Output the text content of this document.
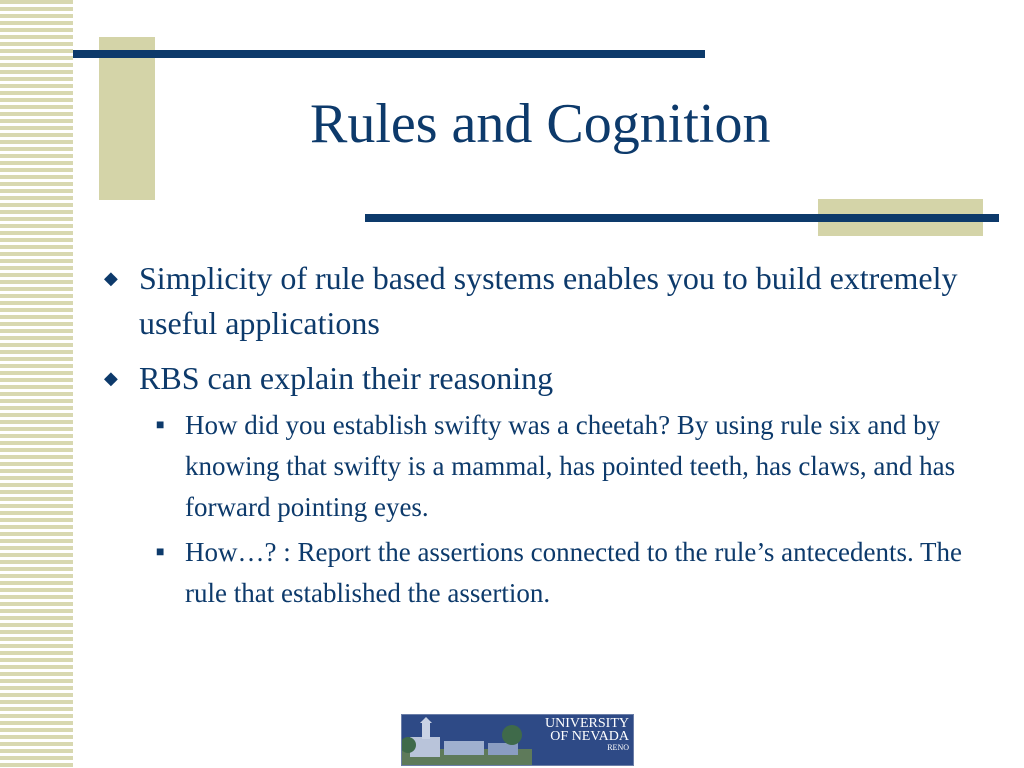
Rules and Cognition
◆ Simplicity of rule based systems enables you to build extremely useful applications
◆ RBS can explain their reasoning
■ How did you establish swifty was a cheetah? By using rule six and by knowing that swifty is a mammal, has pointed teeth, has claws, and has forward pointing eyes.
■ How…? : Report the assertions connected to the rule’s antecedents. The rule that established the assertion.
UNIVERSITY
OF NEVADA
RENO
